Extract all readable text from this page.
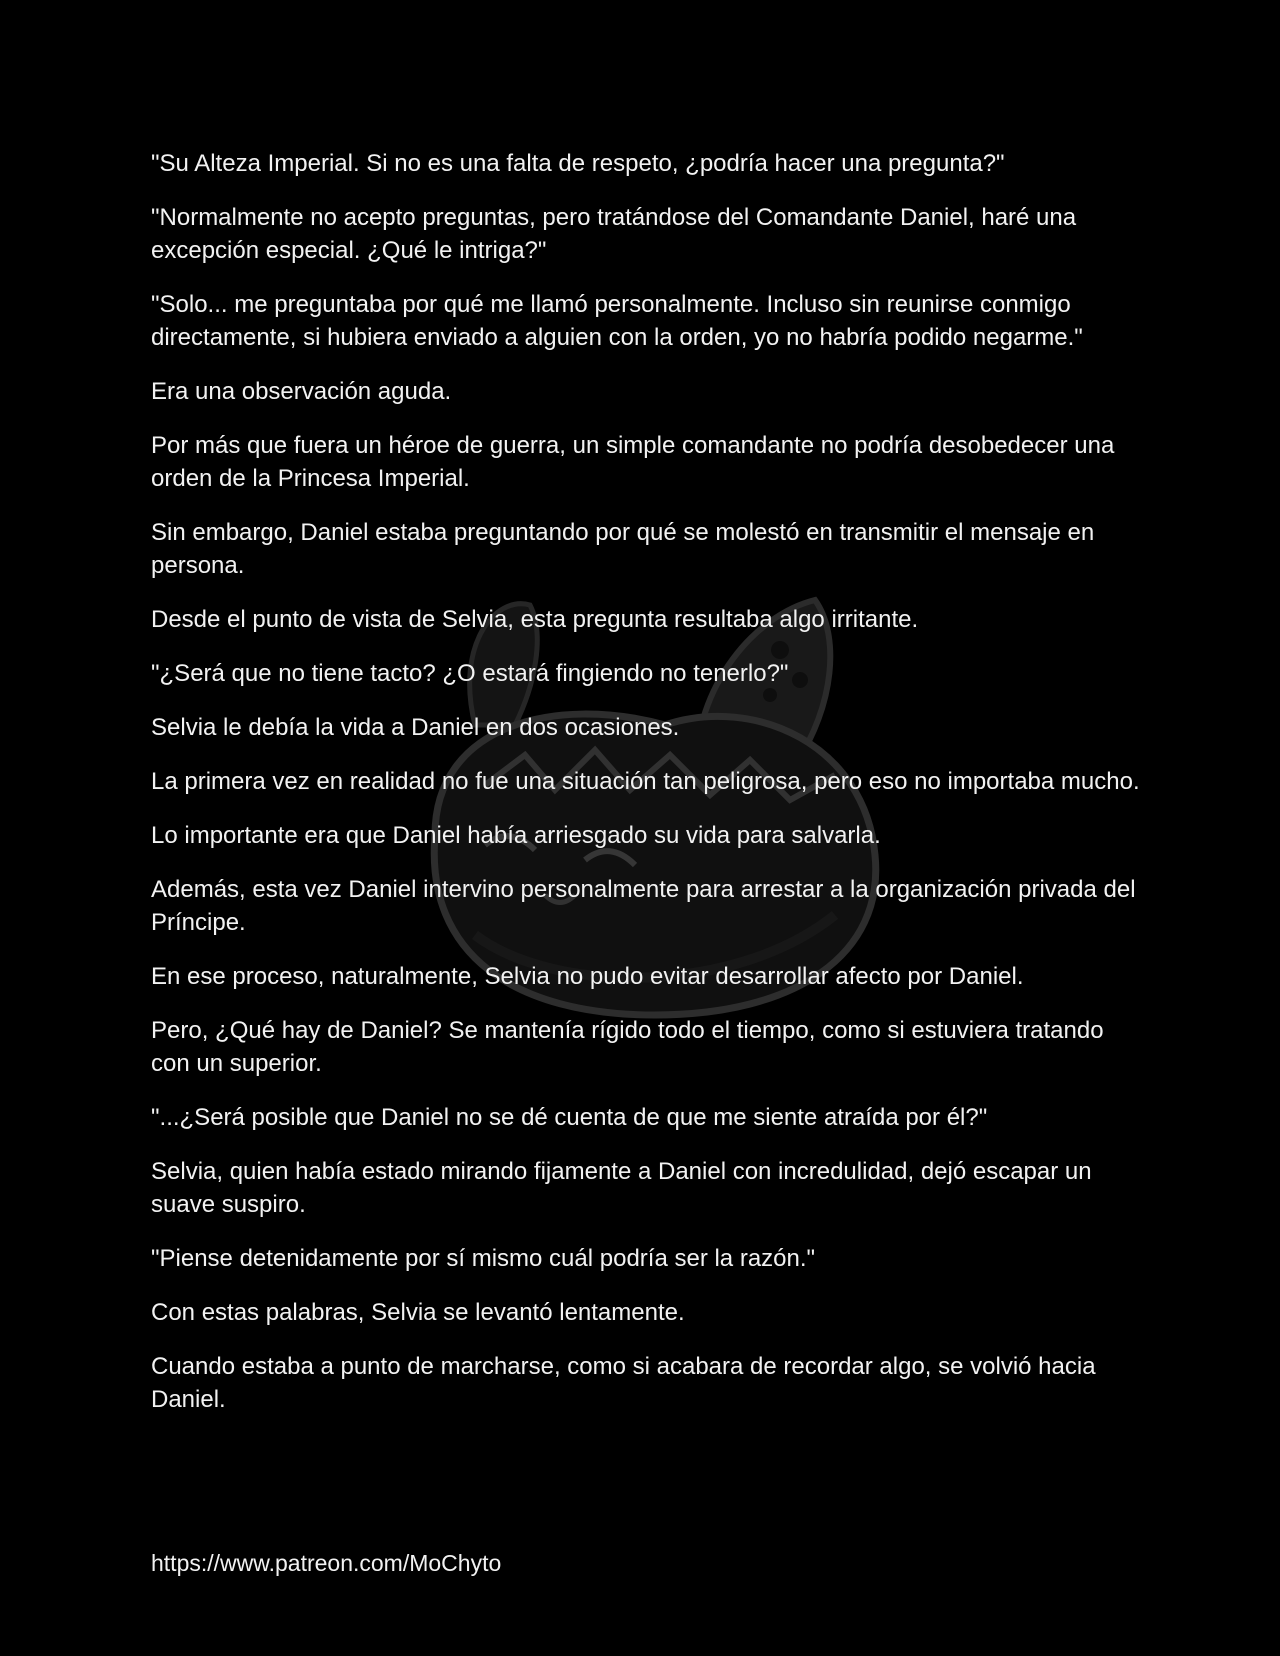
"Su Alteza Imperial. Si no es una falta de respeto, ¿podría hacer una pregunta?"

"Normalmente no acepto preguntas, pero tratándose del Comandante Daniel, haré una excepción especial. ¿Qué le intriga?"

"Solo... me preguntaba por qué me llamó personalmente. Incluso sin reunirse conmigo directamente, si hubiera enviado a alguien con la orden, yo no habría podido negarme."

Era una observación aguda.

Por más que fuera un héroe de guerra, un simple comandante no podría desobedecer una orden de la Princesa Imperial.

Sin embargo, Daniel estaba preguntando por qué se molestó en transmitir el mensaje en persona.

Desde el punto de vista de Selvia, esta pregunta resultaba algo irritante.

"¿Será que no tiene tacto? ¿O estará fingiendo no tenerlo?"

Selvia le debía la vida a Daniel en dos ocasiones.

La primera vez en realidad no fue una situación tan peligrosa, pero eso no importaba mucho.

Lo importante era que Daniel había arriesgado su vida para salvarla.

Además, esta vez Daniel intervino personalmente para arrestar a la organización privada del Príncipe.

En ese proceso, naturalmente, Selvia no pudo evitar desarrollar afecto por Daniel.

Pero, ¿Qué hay de Daniel? Se mantenía rígido todo el tiempo, como si estuviera tratando con un superior.

"...¿Será posible que Daniel no se dé cuenta de que me siente atraída por él?"

Selvia, quien había estado mirando fijamente a Daniel con incredulidad, dejó escapar un suave suspiro.

"Piense detenidamente por sí mismo cuál podría ser la razón."

Con estas palabras, Selvia se levantó lentamente.

Cuando estaba a punto de marcharse, como si acabara de recordar algo, se volvió hacia Daniel.

https://www.patreon.com/MoChyto
